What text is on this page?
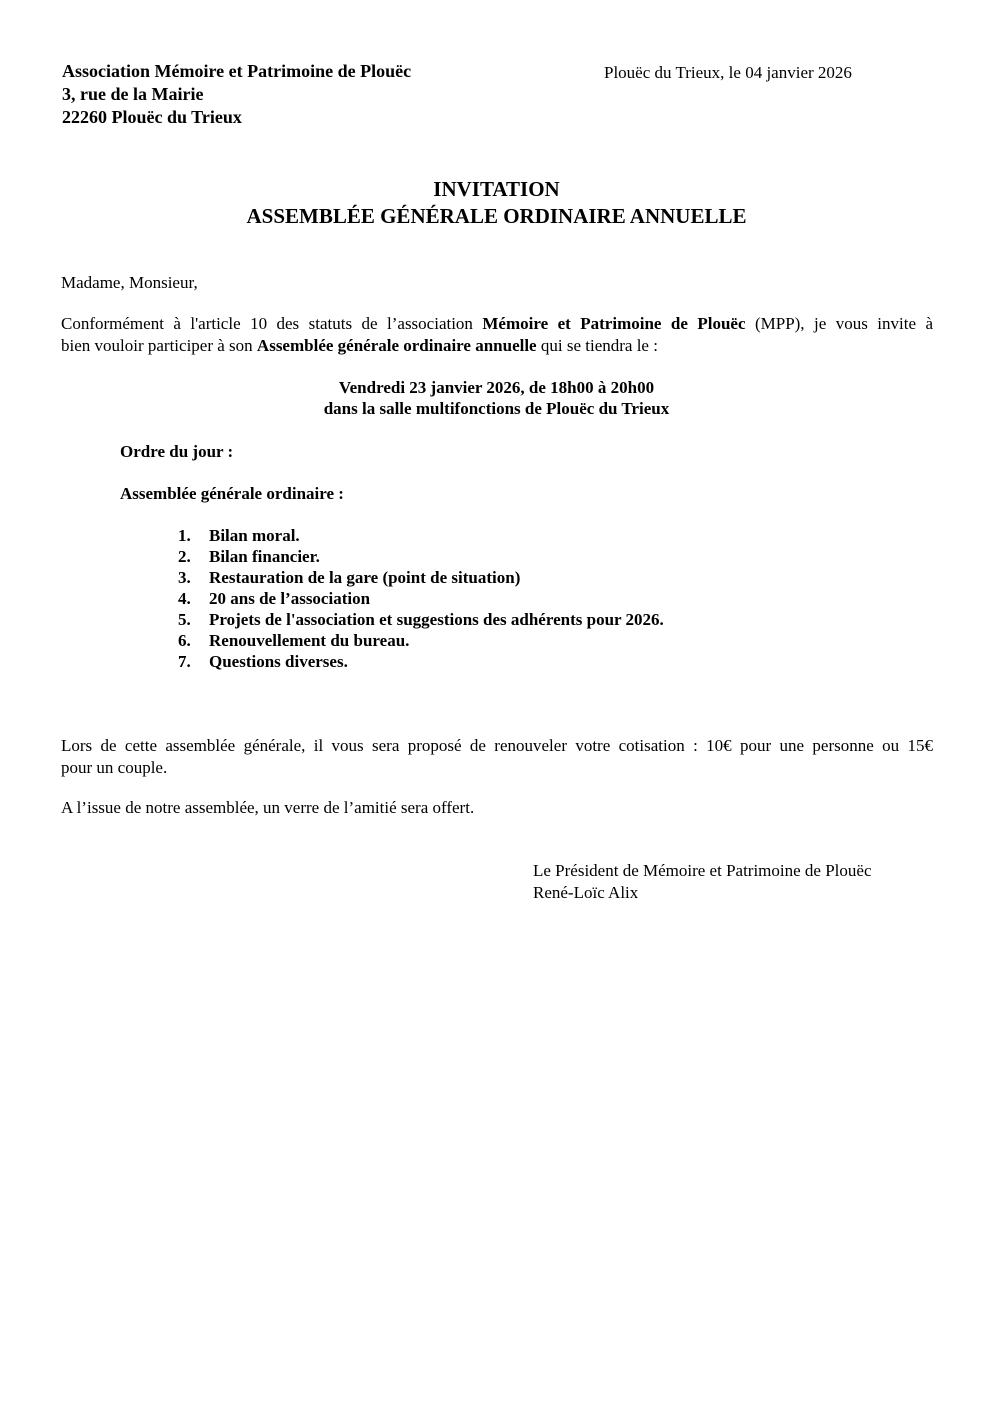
Association Mémoire et Patrimoine de Plouëc
3, rue de la Mairie
22260 Plouëc du Trieux
Plouëc du Trieux, le 04 janvier 2026
INVITATION
ASSEMBLÉE GÉNÉRALE ORDINAIRE ANNUELLE
Madame, Monsieur,
Conformément à l'article 10 des statuts de l’association Mémoire et Patrimoine de Plouëc (MPP), je vous invite à
bien vouloir participer à son Assemblée générale ordinaire annuelle qui se tiendra le :
Vendredi 23 janvier 2026, de 18h00 à 20h00
dans la salle multifonctions de Plouëc du Trieux
Ordre du jour :
Assemblée générale ordinaire :
1.	Bilan moral.
2.	Bilan financier.
3.	Restauration de la gare (point de situation)
4.	20 ans de l’association
5.	Projets de l'association et suggestions des adhérents pour 2026.
6.	Renouvellement du bureau.
7.	Questions diverses.
Lors de cette assemblée générale, il vous sera proposé de renouveler votre cotisation : 10€ pour une personne ou 15€
pour un couple.
A l’issue de notre assemblée, un verre de l’amitié sera offert.
Le Président de Mémoire et Patrimoine de Plouëc
René-Loïc Alix
